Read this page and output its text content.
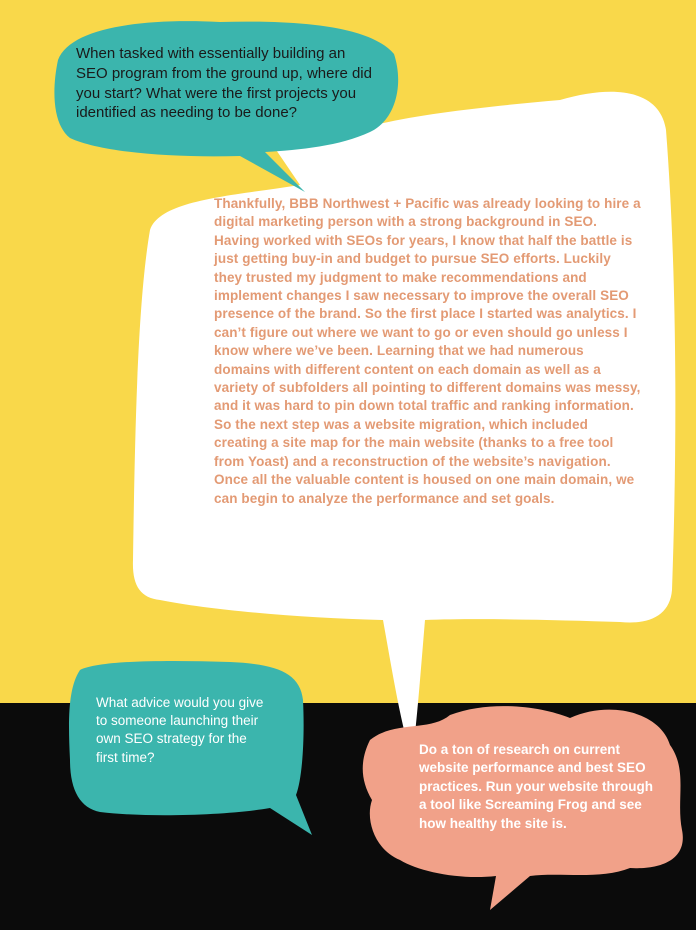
When tasked with essentially building an SEO program from the ground up, where did you start? What were the first projects you identified as needing to be done?

Thankfully, BBB Northwest + Pacific was already looking to hire a digital marketing person with a strong background in SEO. Having worked with SEOs for years, I know that half the battle is just getting buy-in and budget to pursue SEO efforts. Luckily they trusted my judgment to make recommendations and implement changes I saw necessary to improve the overall SEO presence of the brand. So the first place I started was analytics. I can’t figure out where we want to go or even should go unless I know where we’ve been. Learning that we had numerous domains with different content on each domain as well as a variety of subfolders all pointing to different domains was messy, and it was hard to pin down total traffic and ranking information. So the next step was a website migration, which included creating a site map for the main website (thanks to a free tool from Yoast) and a reconstruction of the website’s navigation. Once all the valuable content is housed on one main domain, we can begin to analyze the performance and set goals.

What advice would you give to someone launching their own SEO strategy for the first time?

Do a ton of research on current website performance and best SEO practices. Run your website through a tool like Screaming Frog and see how healthy the site is.
